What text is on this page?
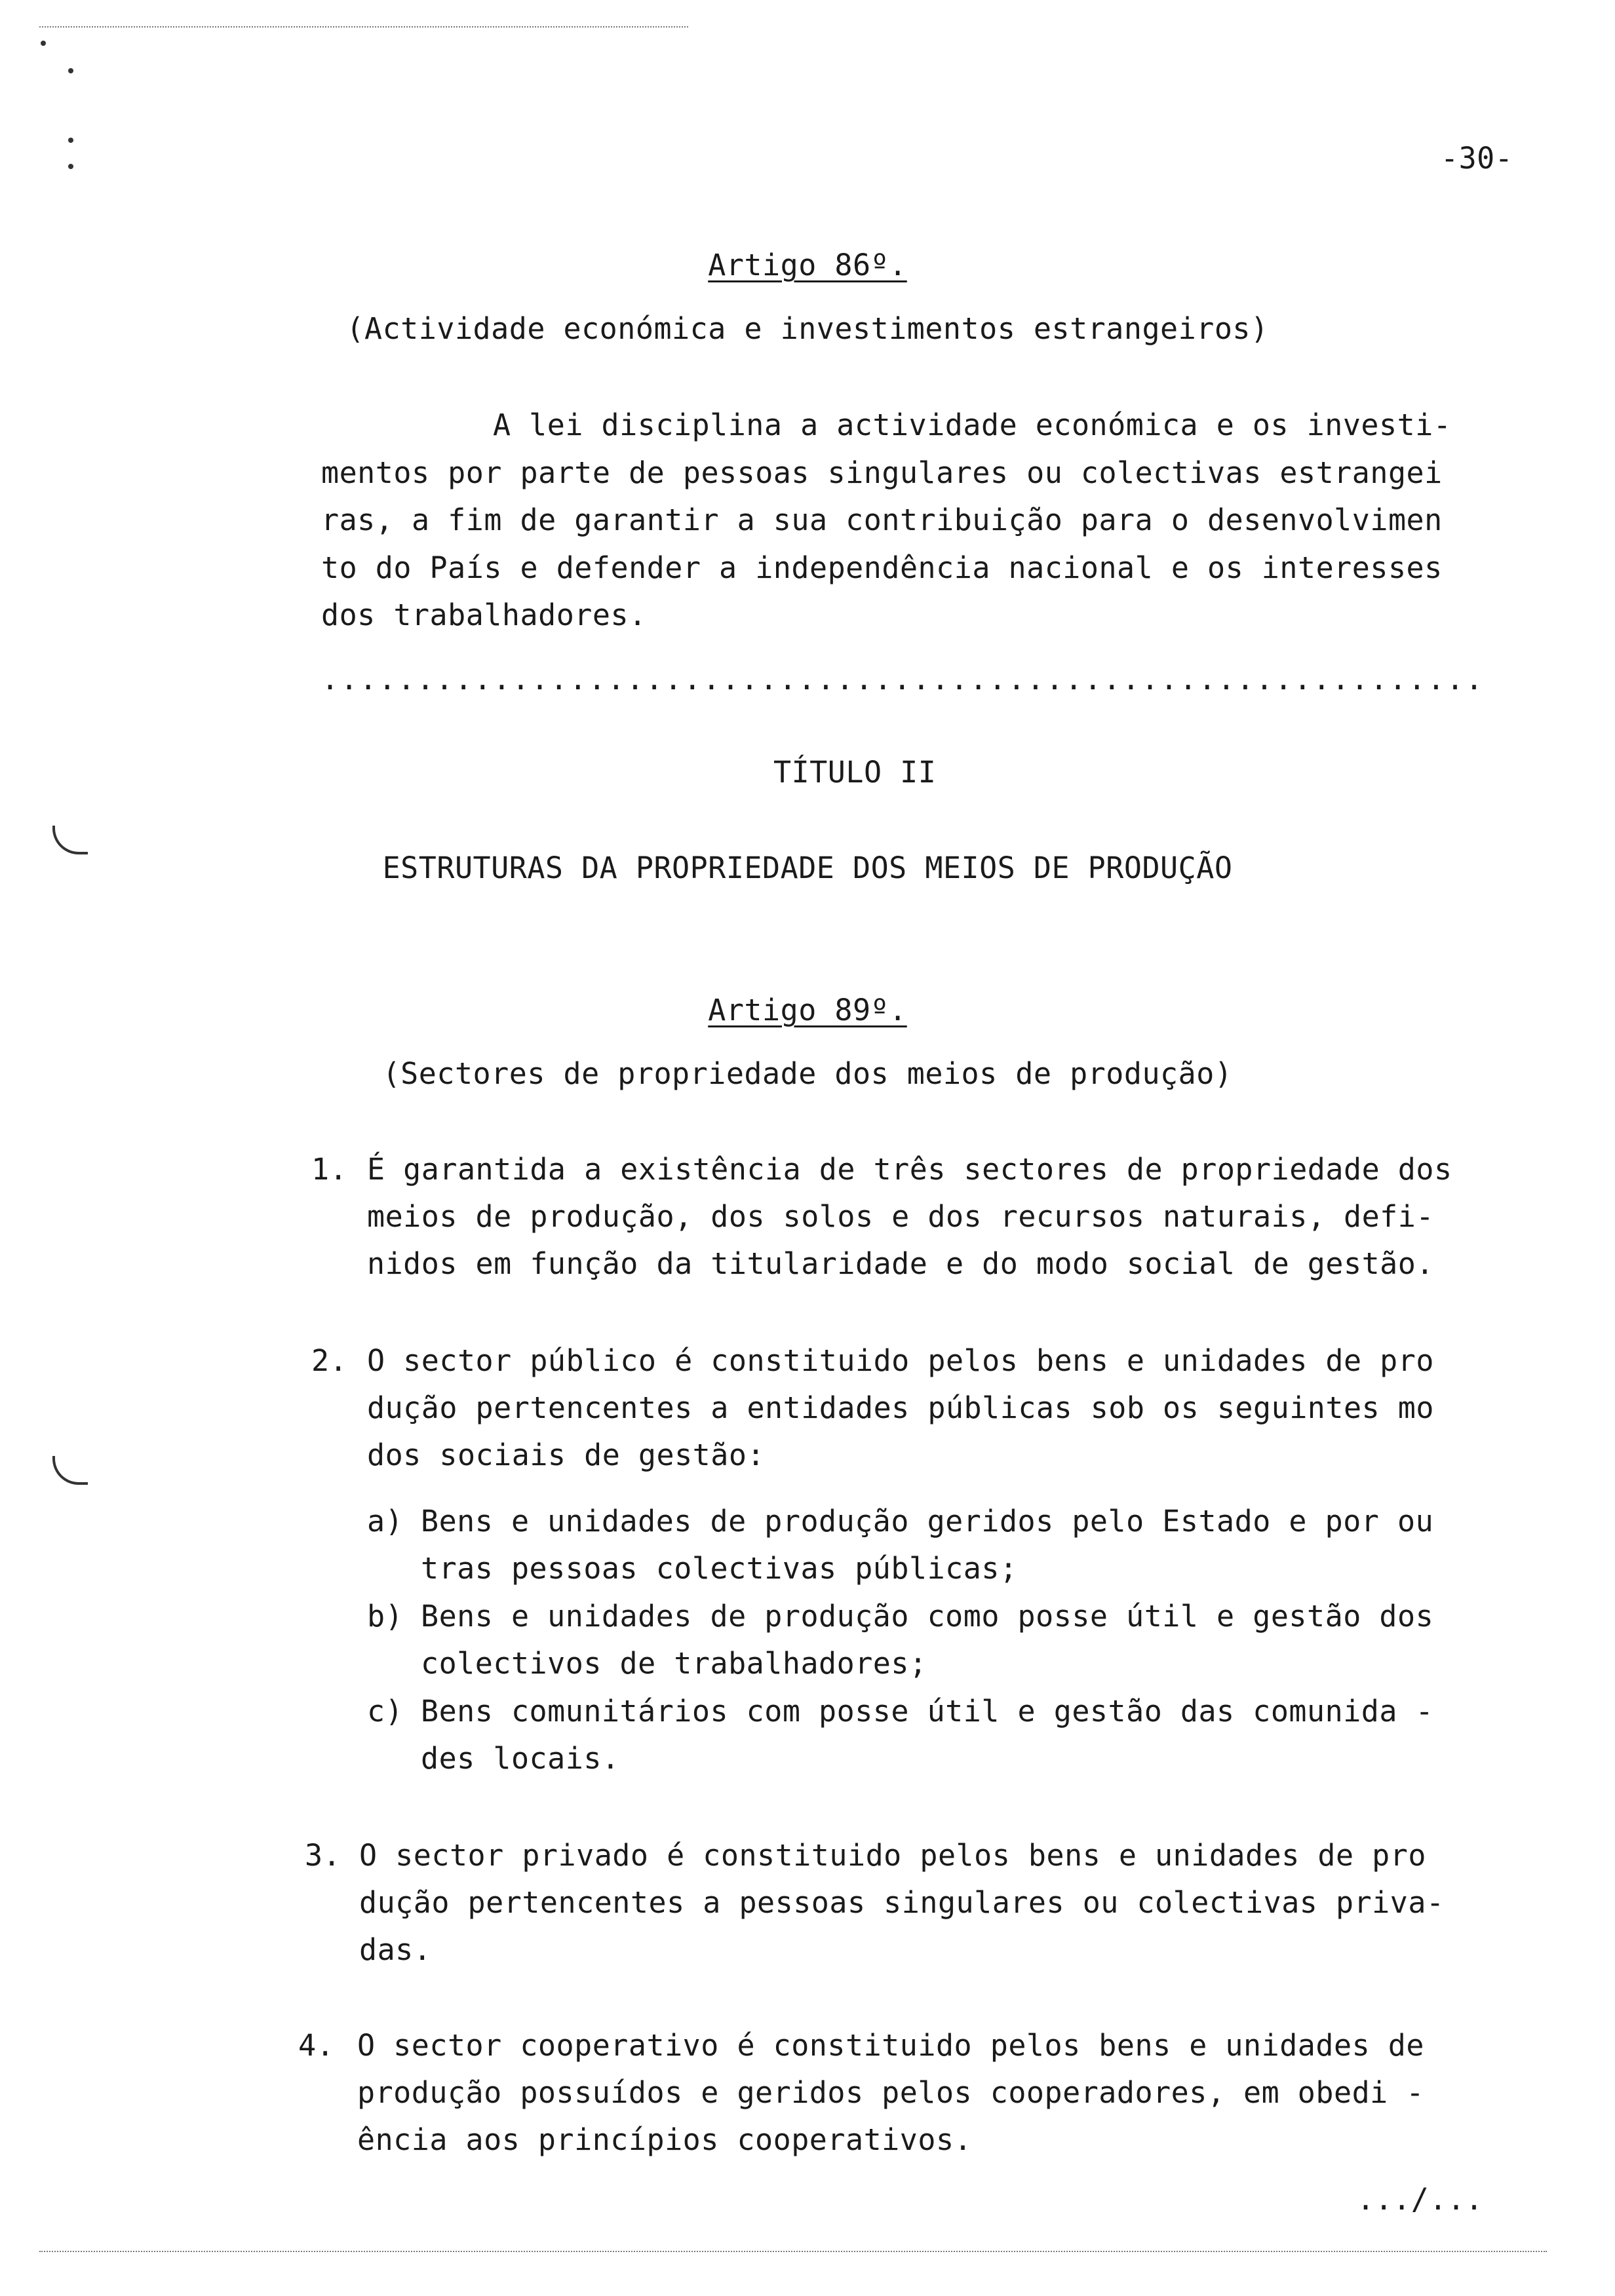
-30-
Artigo 86º.
(Actividade económica e investimentos estrangeiros)
A lei disciplina a actividade económica e os investi-
mentos por parte de pessoas singulares ou colectivas estrangei
ras, a fim de garantir a sua contribuição para o desenvolvimen
to do País e defender a independência nacional e os interesses
dos trabalhadores.
.............................................................
TÍTULO II
ESTRUTURAS DA PROPRIEDADE DOS MEIOS DE PRODUÇÃO
Artigo 89º.
(Sectores de propriedade dos meios de produção)
1. É garantida a existência de três sectores de propriedade dos
meios de produção, dos solos e dos recursos naturais, defi-
nidos em função da titularidade e do modo social de gestão.
2. O sector público é constituido pelos bens e unidades de pro
dução pertencentes a entidades públicas sob os seguintes mo
dos sociais de gestão:
a) Bens e unidades de produção geridos pelo Estado e por ou
tras pessoas colectivas públicas;
b) Bens e unidades de produção como posse útil e gestão dos
colectivos de trabalhadores;
c) Bens comunitários com posse útil e gestão das comunida -
des locais.
3. O sector privado é constituido pelos bens e unidades de pro
dução pertencentes a pessoas singulares ou colectivas priva-
das.
4. O sector cooperativo é constituido pelos bens e unidades de
produção possuídos e geridos pelos cooperadores, em obedi -
ência aos princípios cooperativos.
.../...
